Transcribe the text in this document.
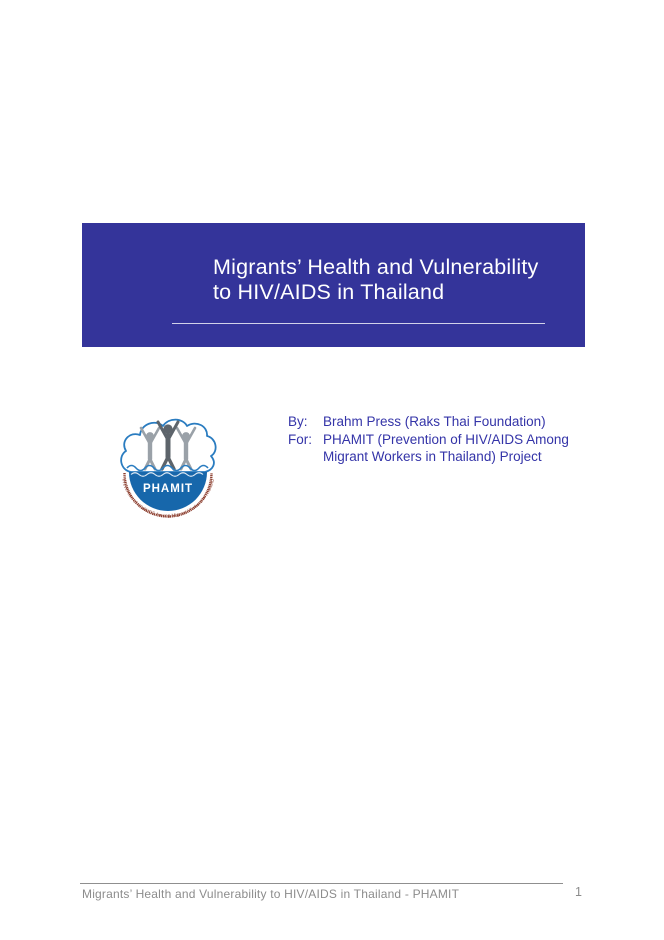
Migrants’ Health and Vulnerability
to HIV/AIDS in Thailand
PHAMIT
Prevention of HIV/AIDS Among Migrant Workers in Thailand
By:	Brahm Press (Raks Thai Foundation)
For: PHAMIT (Prevention of HIV/AIDS Among
Migrant Workers in Thailand) Project
Migrants’ Health and Vulnerability to HIV/AIDS in Thailand - PHAMIT	1
